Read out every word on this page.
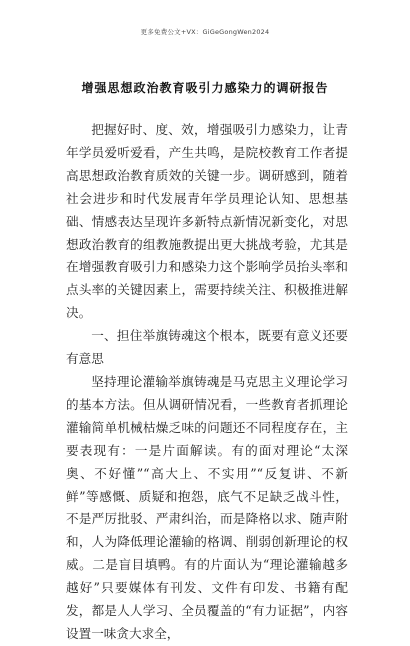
更多免费公文+VX：GiGeGongWen2024
增强思想政治教育吸引力感染力的调研报告

把握好时、度、效，增强吸引力感染力，让青年学员爱听爱看，产生共鸣，是院校教育工作者提高思想政治教育质效的关键一步。调研感到，随着社会进步和时代发展青年学员理论认知、思想基础、情感表达呈现许多新特点新情况新变化，对思想政治教育的组教施教提出更大挑战考验，尤其是在增强教育吸引力和感染力这个影响学员抬头率和点头率的关键因素上，需要持续关注、积极推进解决。

一、担住举旗铸魂这个根本，既要有意义还要有意思

坚持理论灌输举旗铸魂是马克思主义理论学习的基本方法。但从调研情况看，一些教育者抓理论灌输简单机械枯燥乏味的问题还不同程度存在，主要表现有：一是片面解读。有的面对理论“太深奥、不好懂”“高大上、不实用”“反复讲、不新鲜”等感慨、质疑和抱怨，底气不足缺乏战斗性，不是严厉批驳、严肃纠治，而是降格以求、随声附和，人为降低理论灌输的格调、削弱创新理论的权威。二是盲目填鸭。有的片面认为“理论灌输越多越好”只要媒体有刊发、文件有印发、书籍有配发，都是人人学习、全员覆盖的“有力证据”，内容设置一味贪大求全，
